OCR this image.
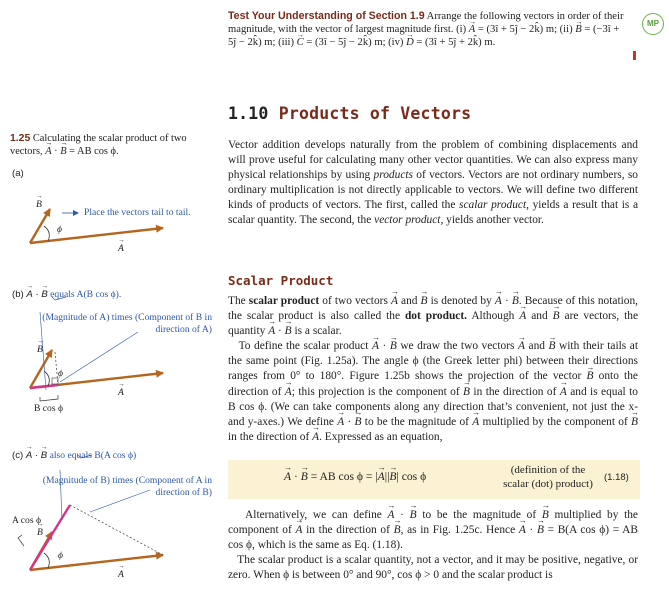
Test Your Understanding of Section 1.9 Arrange the following vectors in order of their magnitude, with the vector of largest magnitude first. (i) → A = (3î + 5ĵ − 2k̂) m; (ii) → B = (−3î + 5ĵ − 2k̂) m; (iii) → C = (3î − 5ĵ − 2k̂) m; (iv) → D = (3î + 5ĵ + 2k̂) m.
MP
1.10 Products of Vectors
Vector addition develops naturally from the problem of combining displacements and will prove useful for calculating many other vector quantities. We can also express many physical relationships by using products of vectors. Vectors are not ordinary numbers, so ordinary multiplication is not directly applicable to vectors. We will define two different kinds of products of vectors. The first, called the scalar product, yields a result that is a scalar quantity. The second, the vector product, yields another vector.
Scalar Product
The scalar product of two vectors → A and → B is denoted by → A · → B. Because of this notation, the scalar product is also called the dot product. Although → A and → B are vectors, the quantity → A · → B is a scalar.
To define the scalar product → A · → B we draw the two vectors → A and → B with their tails at the same point (Fig. 1.25a). The angle ϕ (the Greek letter phi) between their directions ranges from 0° to 180°. Figure 1.25b shows the projection of the vector → B onto the direction of → A; this projection is the component of → B in the direction of → A and is equal to B cos ϕ. (We can take components along any direction that’s convenient, not just the x- and y-axes.) We define → A · → B to be the magnitude of → A multiplied by the component of → B in the direction of → A. Expressed as an equation,
→ A · → B = AB cos ϕ = |→ A||→ B| cos ϕ	(definition of the scalar (dot) product)
(1.18)
Alternatively, we can define → A · → B to be the magnitude of → B multiplied by the component of → A in the direction of → B, as in Fig. 1.25c. Hence → A · → B = B(A cos ϕ) = AB cos ϕ, which is the same as Eq. (1.18).
The scalar product is a scalar quantity, not a vector, and it may be positive, negative, or zero. When ϕ is between 0° and 90°, cos ϕ > 0 and the scalar product is
1.25 Calculating the scalar product of two vectors, → A · → B = AB cos ϕ.
(a)
Place the vectors tail to tail.
→ B
ϕ
→ A
(b) → A · → B equals A(B cos ϕ).
(Magnitude of A) times (Component of B in direction of A)
→ B
ϕ
→ A
B cos ϕ
(c) → A · → B also equals B(A cos ϕ)
(Magnitude of B) times (Component of A in direction of B)
A cos ϕ
→ B
ϕ
→ A
